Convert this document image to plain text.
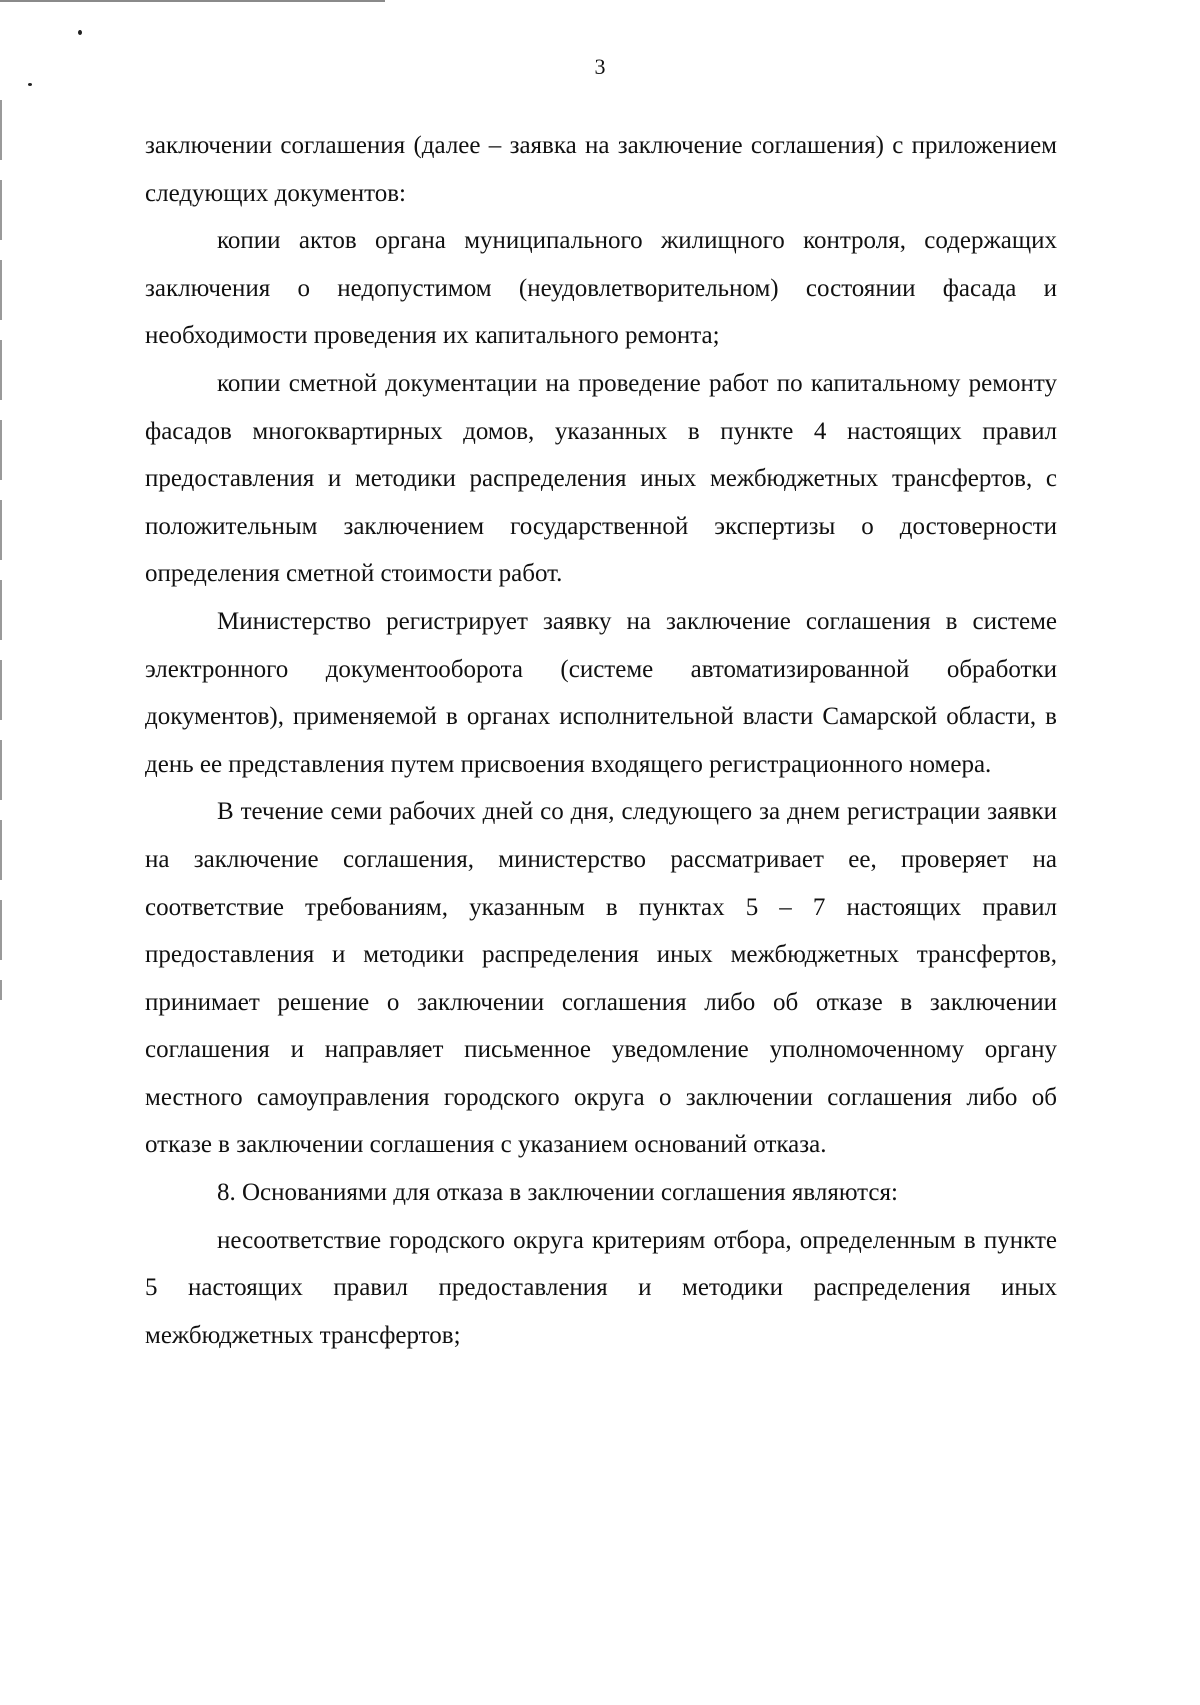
3

заключении соглашения (далее – заявка на заключение соглашения) с приложением следующих документов:

копии актов органа муниципального жилищного контроля, содержащих заключения о недопустимом (неудовлетворительном) состоянии фасада и необходимости проведения их капитального ремонта;

копии сметной документации на проведение работ по капитальному ремонту фасадов многоквартирных домов, указанных в пункте 4 настоящих правил предоставления и методики распределения иных межбюджетных трансфертов, с положительным заключением государственной экспертизы о достоверности определения сметной стоимости работ.

Министерство регистрирует заявку на заключение соглашения в системе электронного документооборота (системе автоматизированной обработки документов), применяемой в органах исполнительной власти Самарской области, в день ее представления путем присвоения входящего регистрационного номера.

В течение семи рабочих дней со дня, следующего за днем регистрации заявки на заключение соглашения, министерство рассматривает ее, проверяет на соответствие требованиям, указанным в пунктах 5 – 7 настоящих правил предоставления и методики распределения иных межбюджетных трансфертов, принимает решение о заключении соглашения либо об отказе в заключении соглашения и направляет письменное уведомление уполномоченному органу местного самоуправления городского округа о заключении соглашения либо об отказе в заключении соглашения с указанием оснований отказа.

8. Основаниями для отказа в заключении соглашения являются:

несоответствие городского округа критериям отбора, определенным в пункте 5 настоящих правил предоставления и методики распределения иных межбюджетных трансфертов;
